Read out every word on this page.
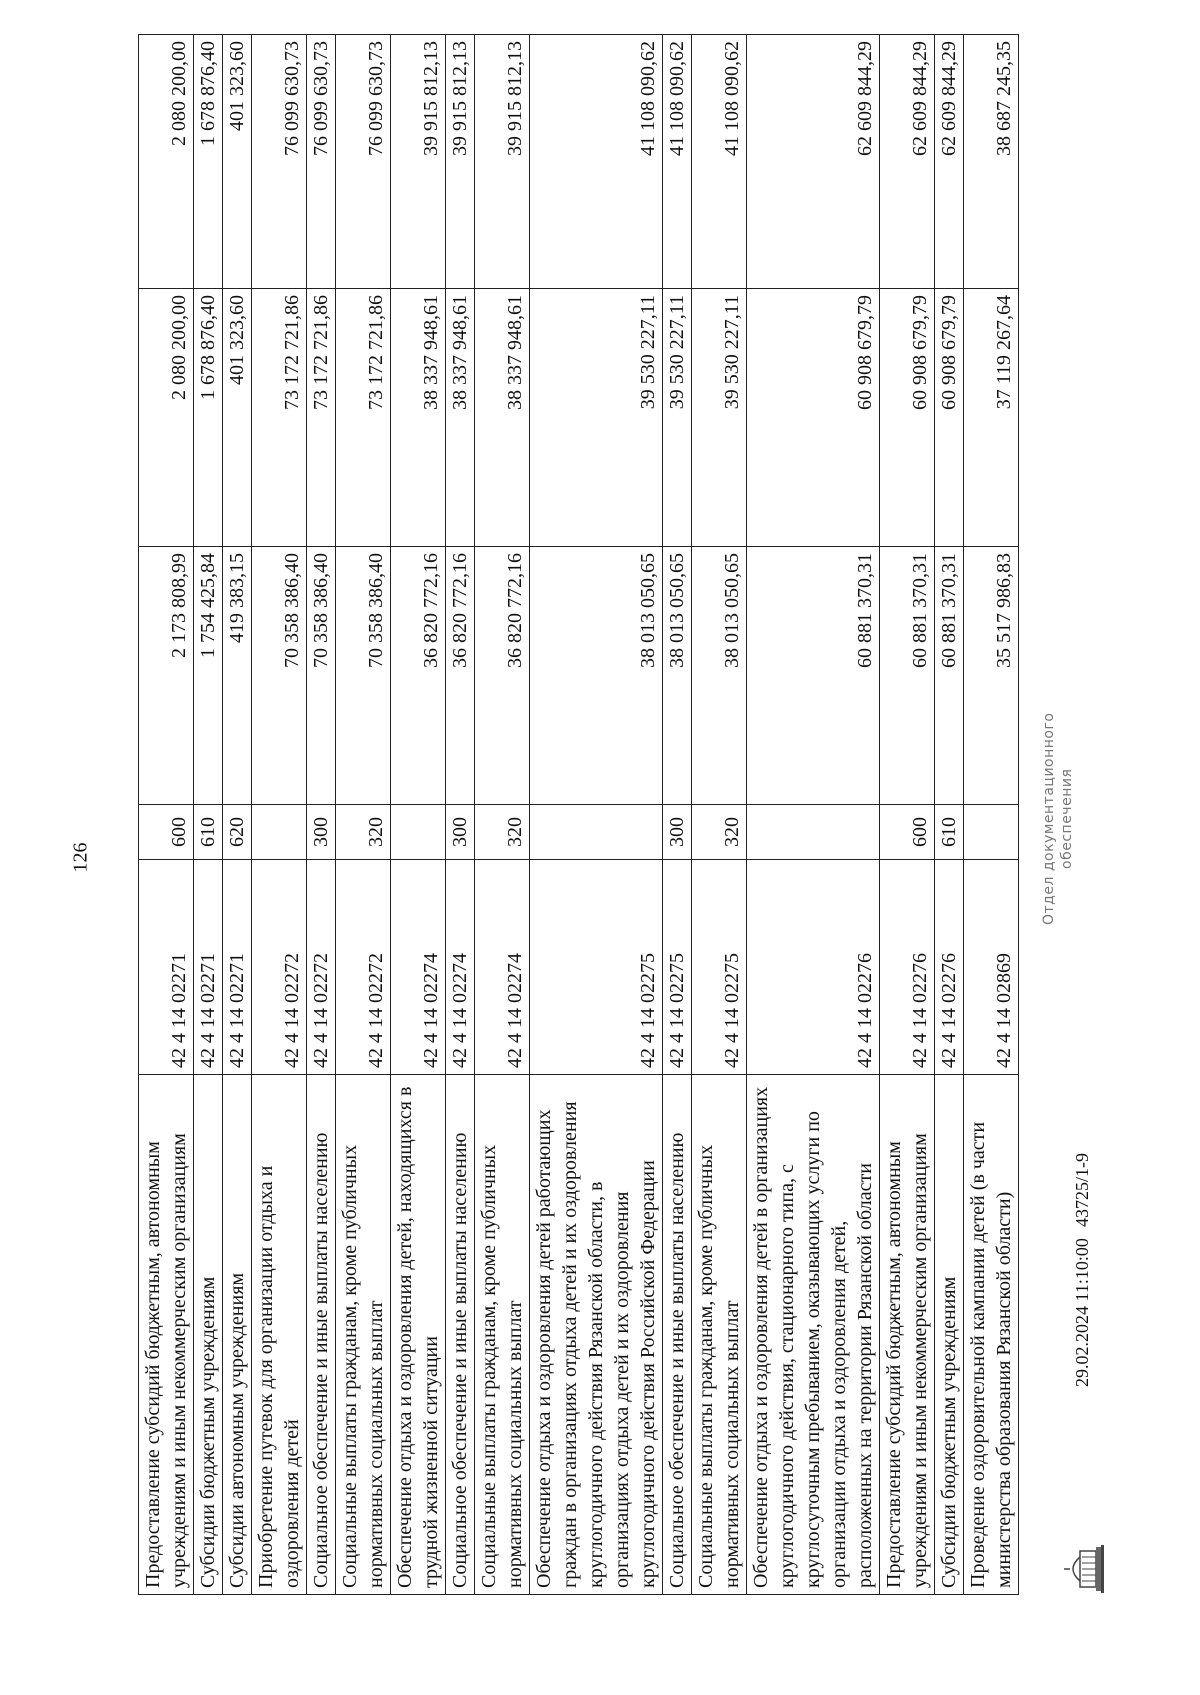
126
Предоставление субсидий бюджетным, автономным учреждениям и иным некоммерческим организациям	42 4 14 02271	600	2 173 808,99	2 080 200,00	2 080 200,00
Субсидии бюджетным учреждениям	42 4 14 02271	610	1 754 425,84	1 678 876,40	1 678 876,40
Субсидии автономным учреждениям	42 4 14 02271	620	419 383,15	401 323,60	401 323,60
Приобретение путевок для организации отдыха и оздоровления детей	42 4 14 02272		70 358 386,40	73 172 721,86	76 099 630,73
Социальное обеспечение и иные выплаты населению	42 4 14 02272	300	70 358 386,40	73 172 721,86	76 099 630,73
Социальные выплаты гражданам, кроме публичных нормативных социальных выплат	42 4 14 02272	320	70 358 386,40	73 172 721,86	76 099 630,73
Обеспечение отдыха и оздоровления детей, находящихся в трудной жизненной ситуации	42 4 14 02274		36 820 772,16	38 337 948,61	39 915 812,13
Социальное обеспечение и иные выплаты населению	42 4 14 02274	300	36 820 772,16	38 337 948,61	39 915 812,13
Социальные выплаты гражданам, кроме публичных нормативных социальных выплат	42 4 14 02274	320	36 820 772,16	38 337 948,61	39 915 812,13
Обеспечение отдыха и оздоровления детей работающих граждан в организациях отдыха детей и их оздоровления круглогодичного действия Рязанской области, в организациях отдыха детей и их оздоровления круглогодичного действия Российской Федерации	42 4 14 02275		38 013 050,65	39 530 227,11	41 108 090,62
Социальное обеспечение и иные выплаты населению	42 4 14 02275	300	38 013 050,65	39 530 227,11	41 108 090,62
Социальные выплаты гражданам, кроме публичных нормативных социальных выплат	42 4 14 02275	320	38 013 050,65	39 530 227,11	41 108 090,62
Обеспечение отдыха и оздоровления детей в организациях круглогодичного действия, стационарного типа, с круглосуточным пребыванием, оказывающих услуги по организации отдыха и оздоровления детей, расположенных на территории Рязанской области	42 4 14 02276		60 881 370,31	60 908 679,79	62 609 844,29
Предоставление субсидий бюджетным, автономным учреждениям и иным некоммерческим организациям	42 4 14 02276	600	60 881 370,31	60 908 679,79	62 609 844,29
Субсидии бюджетным учреждениям	42 4 14 02276	610	60 881 370,31	60 908 679,79	62 609 844,29
Проведение оздоровительной кампании детей (в части министерства образования Рязанской области)	42 4 14 02869		35 517 986,83	37 119 267,64	38 687 245,35
29.02.2024 11:10:00
43725/1-9
Отдел документационного обеспечения
